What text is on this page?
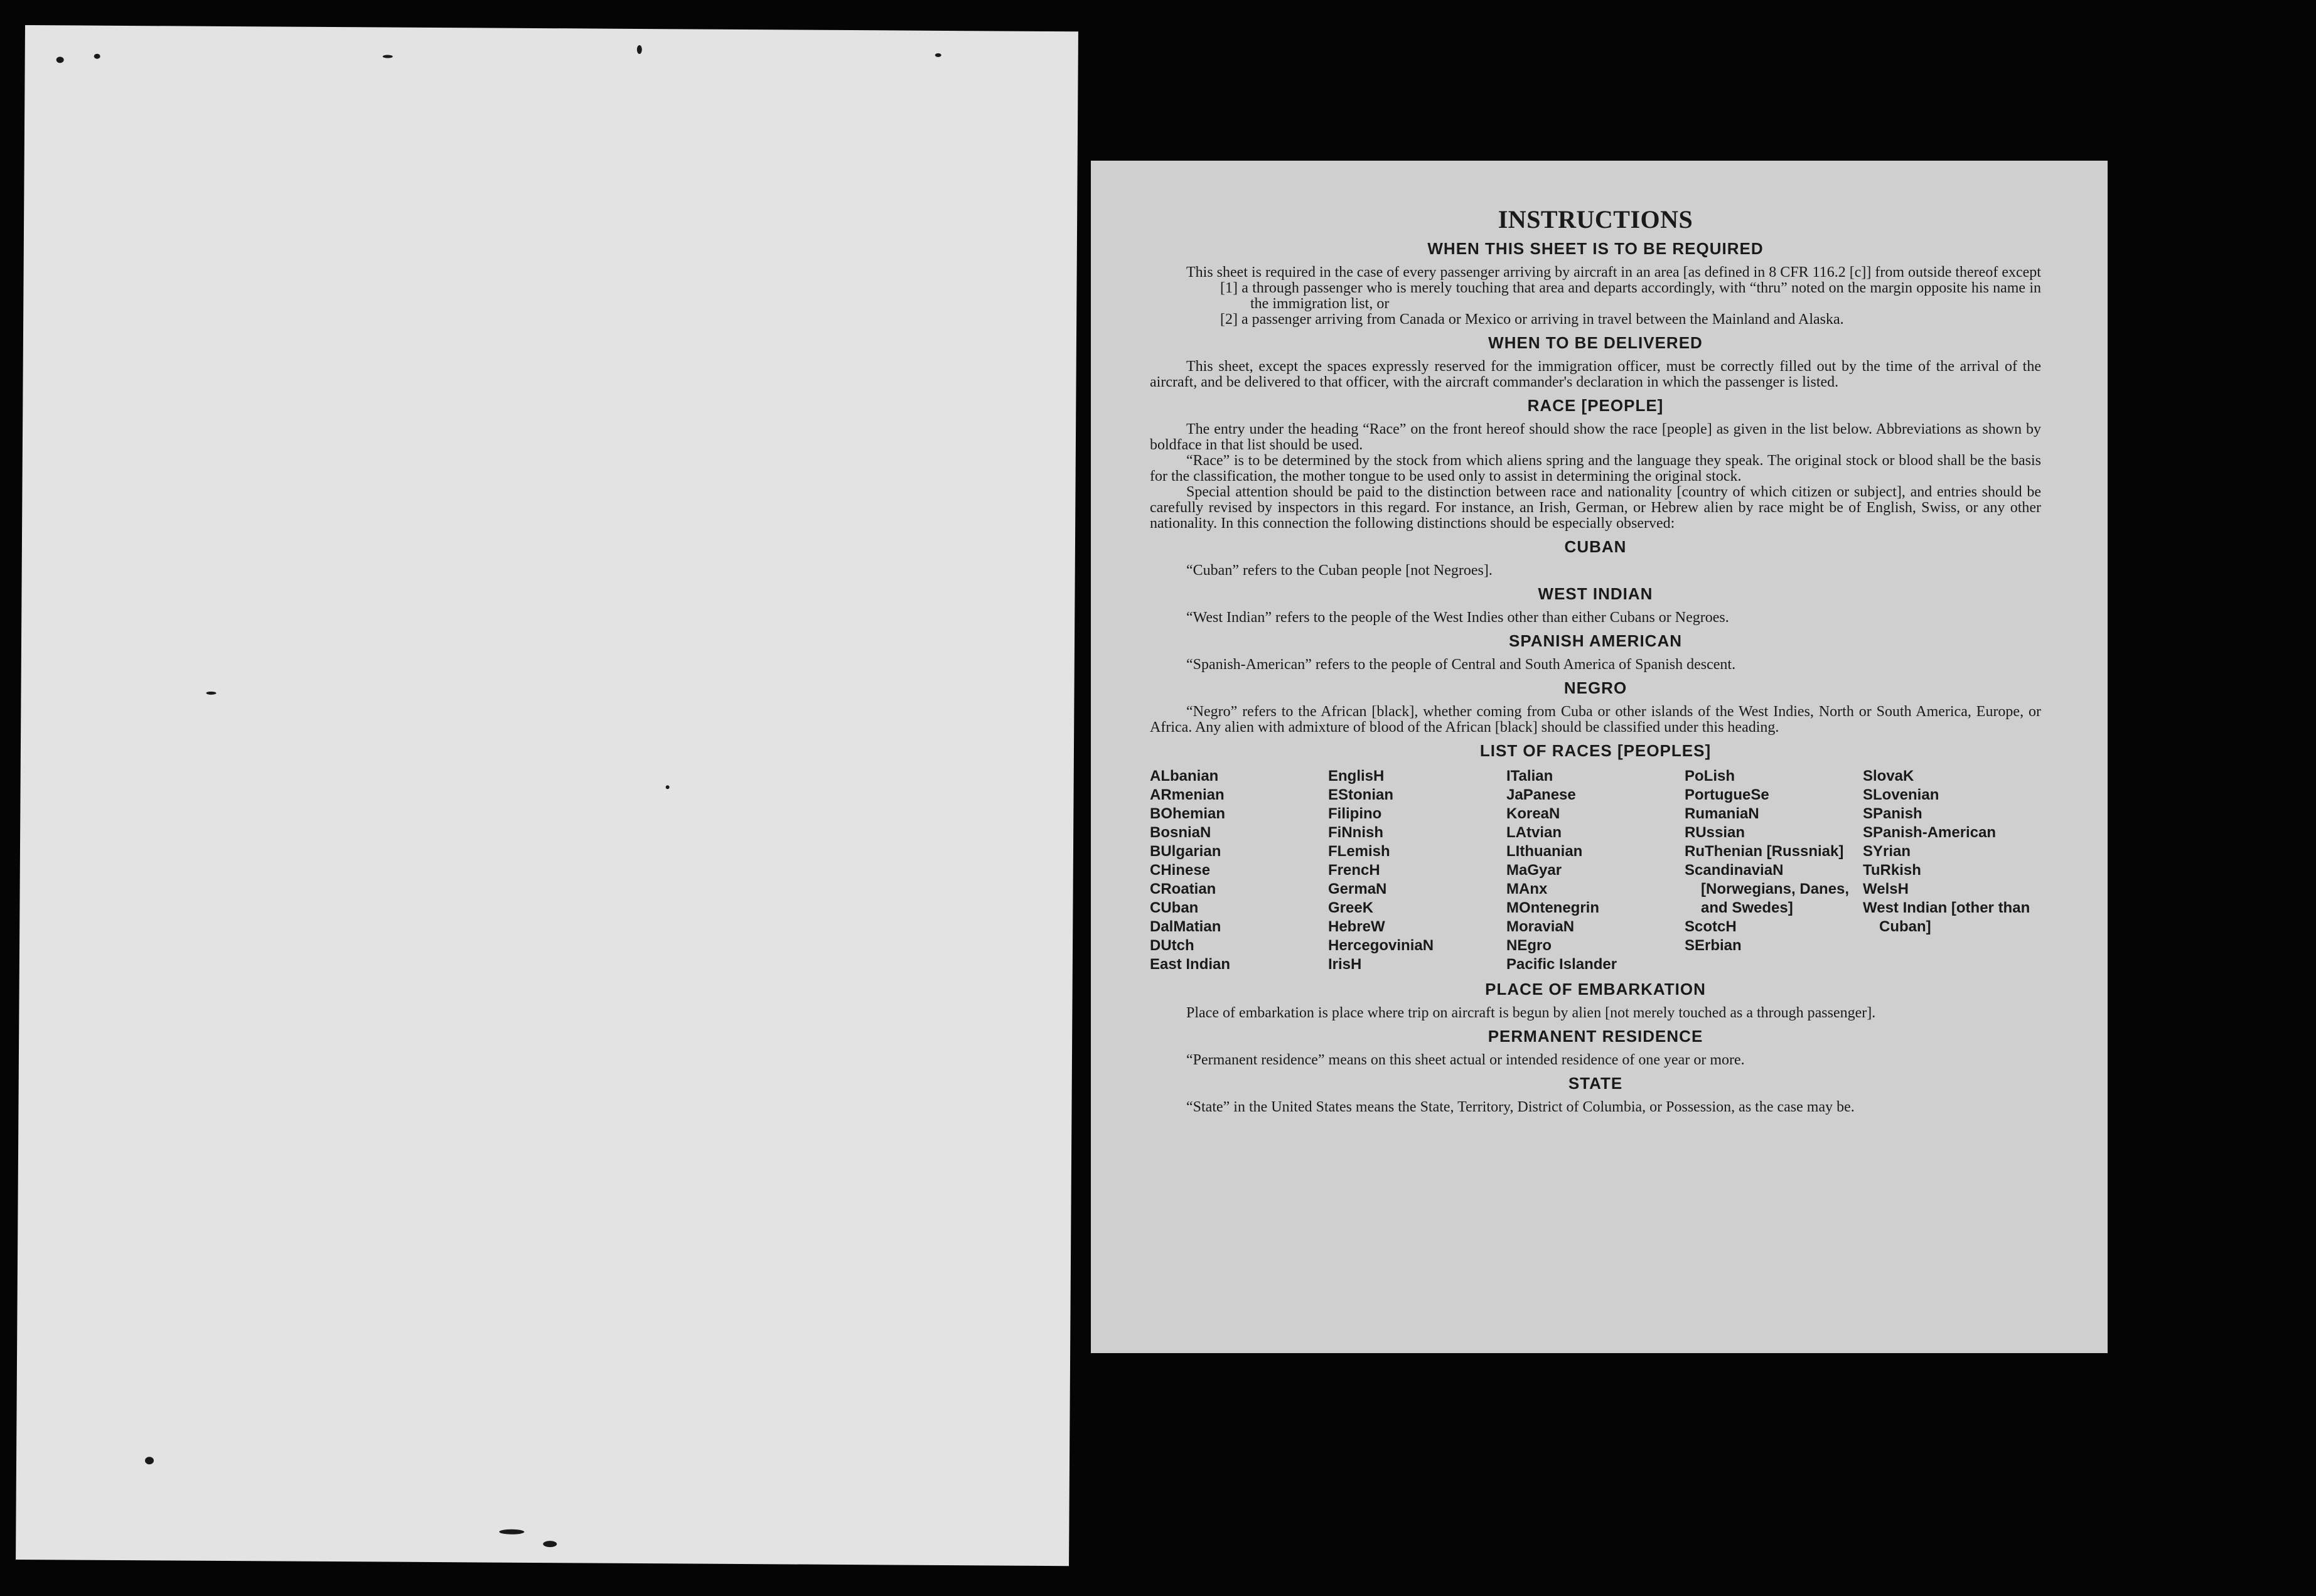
INSTRUCTIONS
WHEN THIS SHEET IS TO BE REQUIRED

This sheet is required in the case of every passenger arriving by aircraft in an area [as defined in 8 CFR 116.2 [c]] from outside thereof except

[1] a through passenger who is merely touching that area and departs accordingly, with “thru” noted on the margin opposite his name in the immigration list, or
[2] a passenger arriving from Canada or Mexico or arriving in travel between the Mainland and Alaska.
WHEN TO BE DELIVERED

This sheet, except the spaces expressly reserved for the immigration officer, must be correctly filled out by the time of the arrival of the aircraft, and be delivered to that officer, with the aircraft commander's declaration in which the passenger is listed.

RACE [PEOPLE]

The entry under the heading “Race” on the front hereof should show the race [people] as given in the list below. Abbreviations as shown by boldface in that list should be used.

“Race” is to be determined by the stock from which aliens spring and the language they speak. The original stock or blood shall be the basis for the classification, the mother tongue to be used only to assist in determining the original stock.

Special attention should be paid to the distinction between race and nationality [country of which citizen or subject], and entries should be carefully revised by inspectors in this regard. For instance, an Irish, German, or Hebrew alien by race might be of English, Swiss, or any other nationality. In this connection the following distinctions should be especially observed:

CUBAN

“Cuban” refers to the Cuban people [not Negroes].

WEST INDIAN

“West Indian” refers to the people of the West Indies other than either Cubans or Negroes.

SPANISH AMERICAN

“Spanish-American” refers to the people of Central and South America of Spanish descent.

NEGRO

“Negro” refers to the African [black], whether coming from Cuba or other islands of the West Indies, North or South America, Europe, or Africa. Any alien with admixture of blood of the African [black] should be classified under this heading.

LIST OF RACES [PEOPLES]
ALbanian
ARmenian
BOhemian
BosniaN
BUlgarian
CHinese
CRoatian
CUban
DalMatian
DUtch
East Indian
EnglisH
EStonian
Filipino
FiNnish
FLemish
FrencH
GermaN
GreeK
HebreW
HercegoviniaN
IrisH
ITalian
JaPanese
KoreaN
LAtvian
LIthuanian
MaGyar
MAnx
MOntenegrin
MoraviaN
NEgro
Pacific Islander
PoLish
PortugueSe
RumaniaN
RUssian
RuThenian [Russniak]
ScandinaviaN [Norwegians, Danes, and Swedes]
ScotcH
SErbian
SlovaK
SLovenian
SPanish
SPanish-American
SYrian
TuRkish
WelsH
West Indian [other than Cuban]
PLACE OF EMBARKATION

Place of embarkation is place where trip on aircraft is begun by alien [not merely touched as a through passenger].

PERMANENT RESIDENCE

“Permanent residence” means on this sheet actual or intended residence of one year or more.

STATE

“State” in the United States means the State, Territory, District of Columbia, or Possession, as the case may be.
